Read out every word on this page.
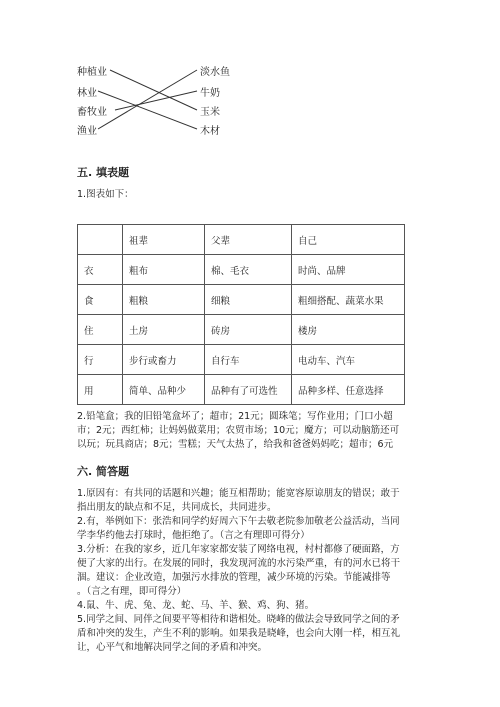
种植业
林业
畜牧业
渔业
淡水鱼
牛奶
玉米
木材
五. 填表题
1.图表如下：
	祖辈	父辈	自己
衣	粗布	棉、毛衣	时尚、品牌
食	粗粮	细粮	粗细搭配、蔬菜水果
住	土房	砖房	楼房
行	步行或畜力	自行车	电动车、汽车
用	简单、品种少	品种有了可选性	品种多样、任意选择
2.铅笔盒；我的旧铅笔盒坏了；超市；21元；圆珠笔；写作业用；门口小超
市；2元；西红柿；让妈妈做菜用；农贸市场；10元；魔方；可以动脑筋还可
以玩；玩具商店；8元；雪糕；天气太热了，给我和爸爸妈妈吃；超市；6元
六. 简答题
1.原因有：有共同的话题和兴趣；能互相帮助；能宽容原谅朋友的错误；敢于
指出朋友的缺点和不足，共同成长，共同进步。
2.有，举例如下：张浩和同学约好周六下午去敬老院参加敬老公益活动，当同
学李华约他去打球时，他拒绝了。（言之有理即可得分）
3.分析：在我的家乡，近几年家家都安装了网络电视，村村都修了硬面路，方
便了大家的出行。在发展的同时，我发现河流的水污染严重，有的河水已将干
涸。建议：企业改造，加强污水排放的管理，减少环境的污染。节能减排等
。（言之有理，即可得分）
4.鼠、牛、虎、兔、龙、蛇、马、羊、猴、鸡、狗、猪。
5.同学之间、同伴之间要平等相待和谐相处。晓峰的做法会导致同学之间的矛
盾和冲突的发生，产生不利的影响。如果我是晓峰，也会向大刚一样，相互礼
让，心平气和地解决同学之间的矛盾和冲突。
